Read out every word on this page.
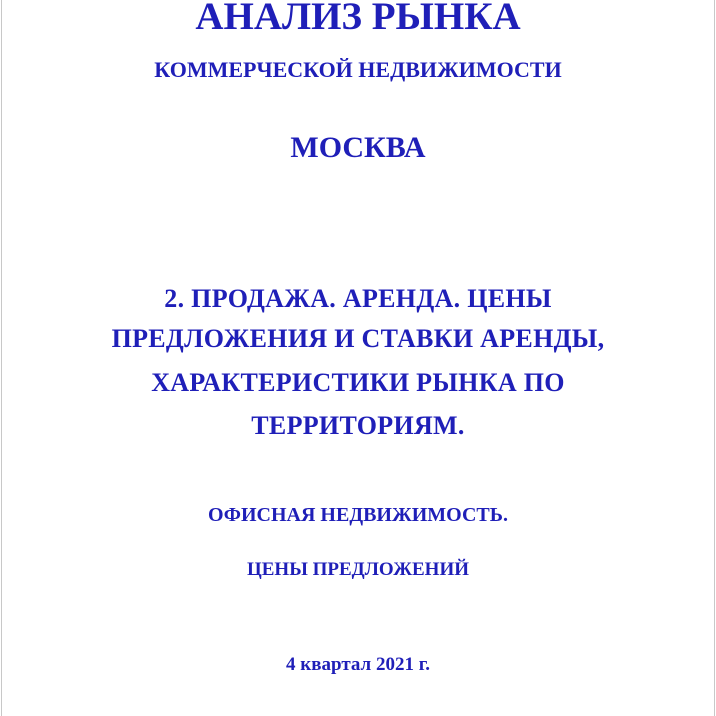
АНАЛИЗ РЫНКА
КОММЕРЧЕСКОЙ НЕДВИЖИМОСТИ
МОСКВА
2. ПРОДАЖА. АРЕНДА. ЦЕНЫ
ПРЕДЛОЖЕНИЯ И СТАВКИ АРЕНДЫ,
ХАРАКТЕРИСТИКИ РЫНКА ПО
ТЕРРИТОРИЯМ.
ОФИСНАЯ НЕДВИЖИМОСТЬ.
ЦЕНЫ ПРЕДЛОЖЕНИЙ
4 квартал 2021 г.
